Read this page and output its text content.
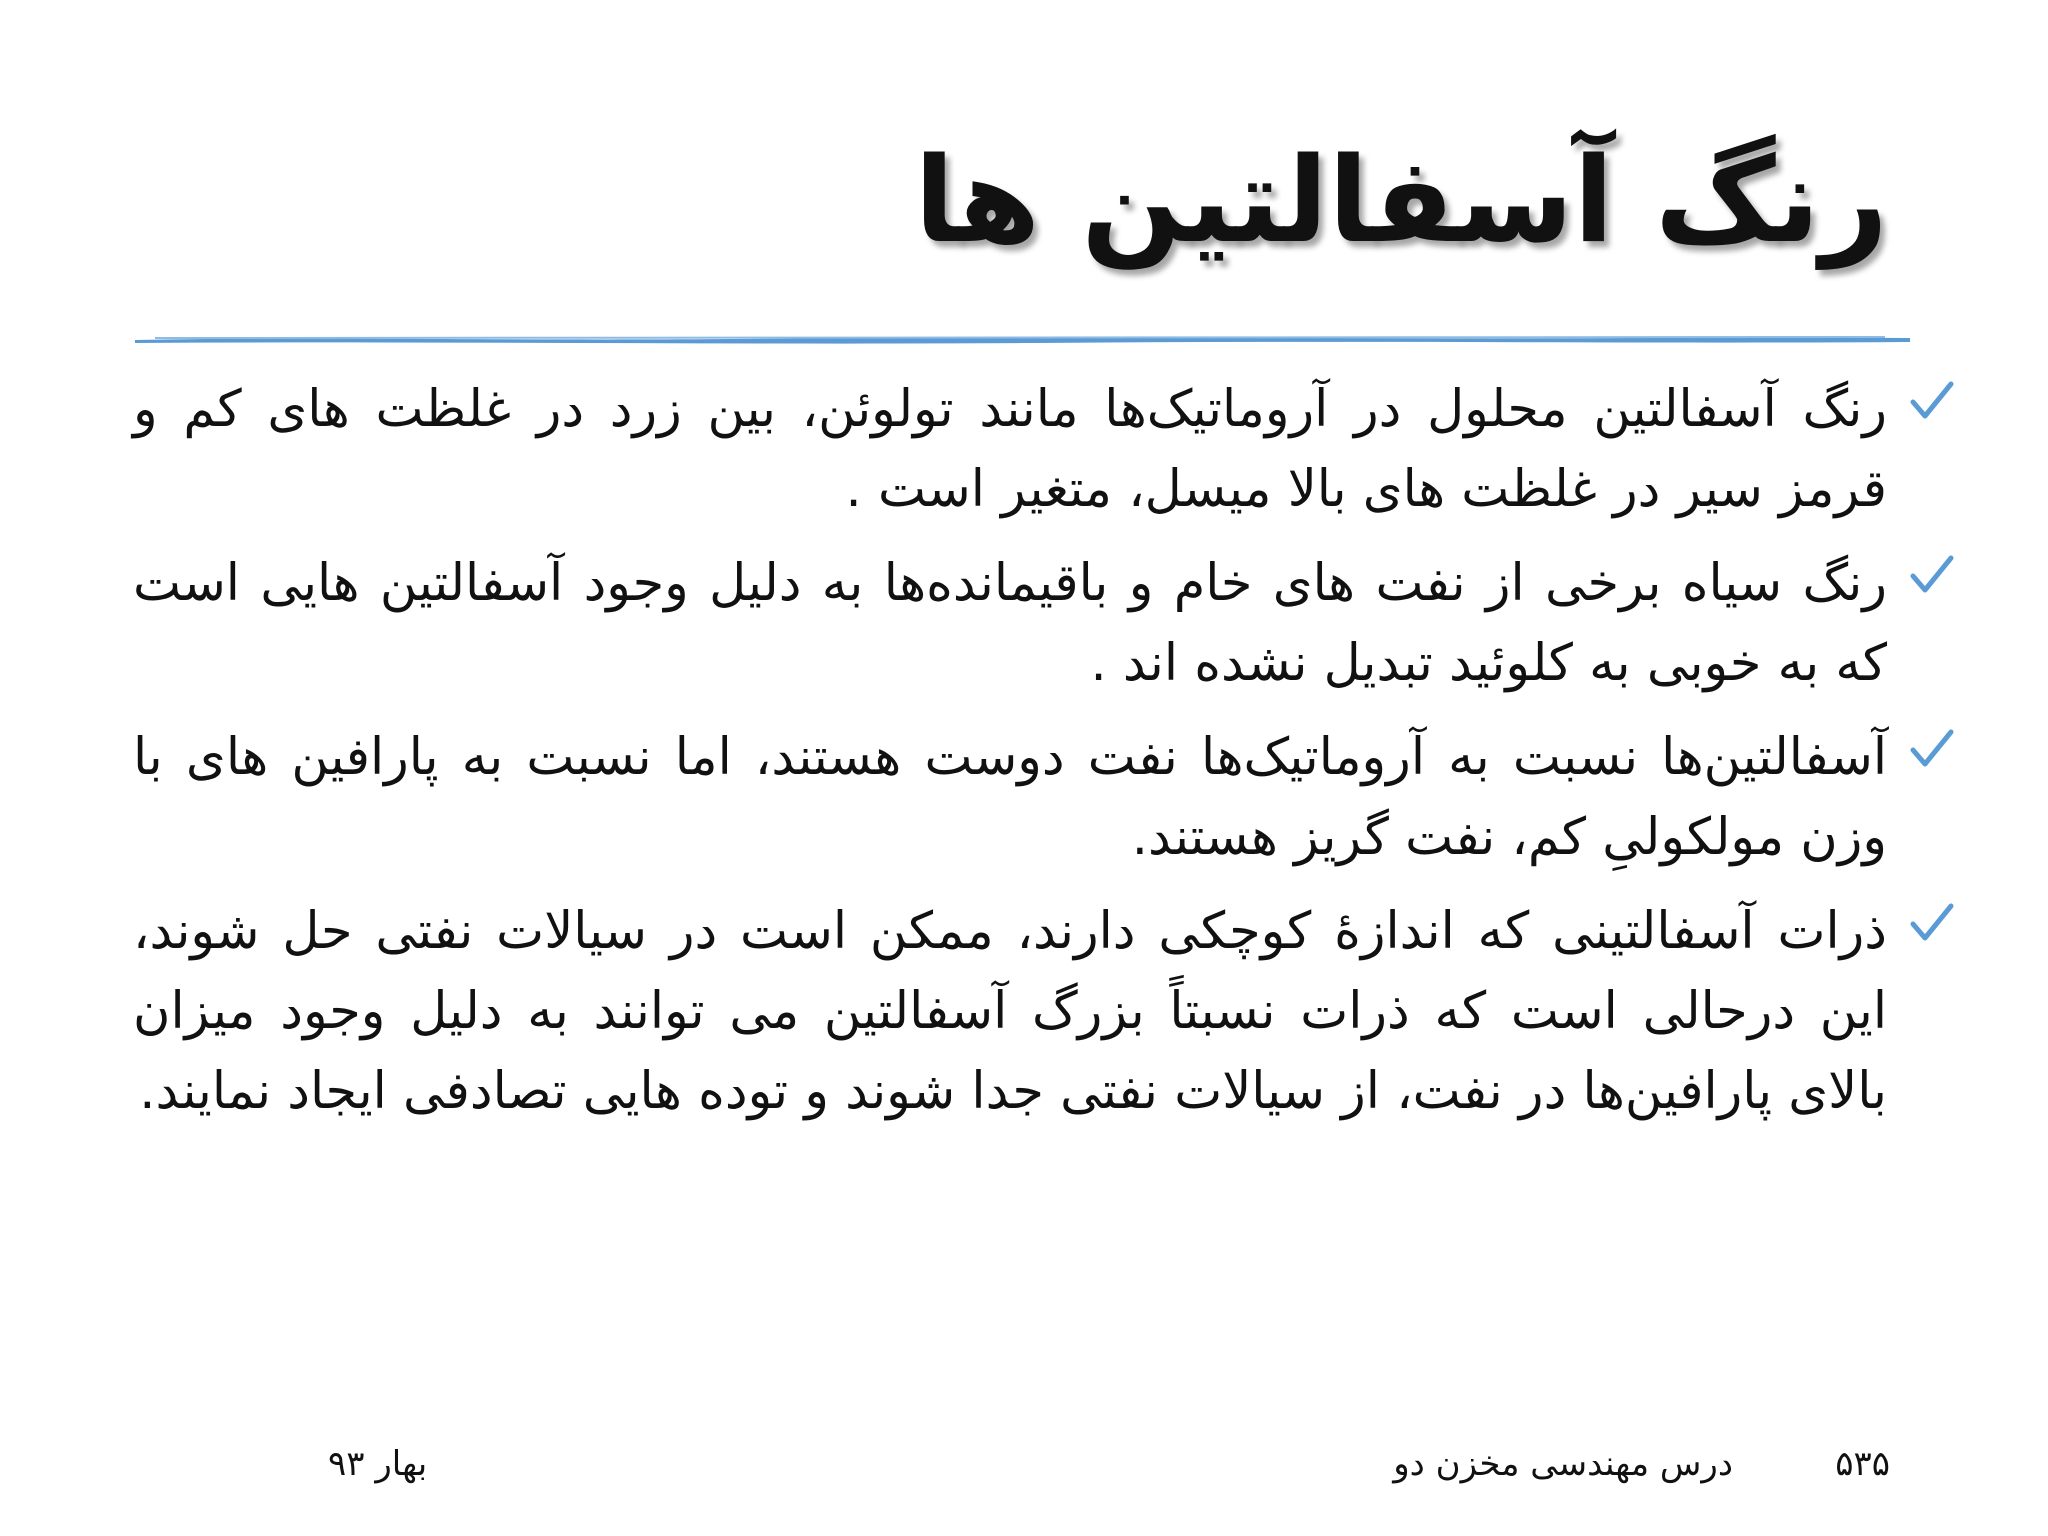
رنگ آسفالتین ها
رنگ آسفالتین محلول در آروماتیک‌ها مانند تولوئن، بین زرد در غلظت های کم و قرمز سیر در غلظت های بالا میسل، متغیر است .
رنگ سیاه برخی از نفت های خام و باقیمانده‌ها به دلیل وجود آسفالتین هایی است که به خوبی به کلوئید تبدیل نشده اند .
آسفالتین‌ها نسبت به آروماتیک‌ها نفت دوست هستند، اما نسبت به پارافین های با وزن مولکولیِ کم، نفت گریز هستند.
ذرات آسفالتینی که اندازۀ کوچکی دارند، ممکن است در سیالات نفتی حل شوند، این درحالی است که ذرات نسبتاً بزرگ آسفالتین می توانند به دلیل وجود میزان بالای پارافین‌ها در نفت، از سیالات نفتی جدا شوند و توده هایی تصادفی ایجاد نمایند.
۵۳۵
درس مهندسی مخزن دو
بهار ۹۳
